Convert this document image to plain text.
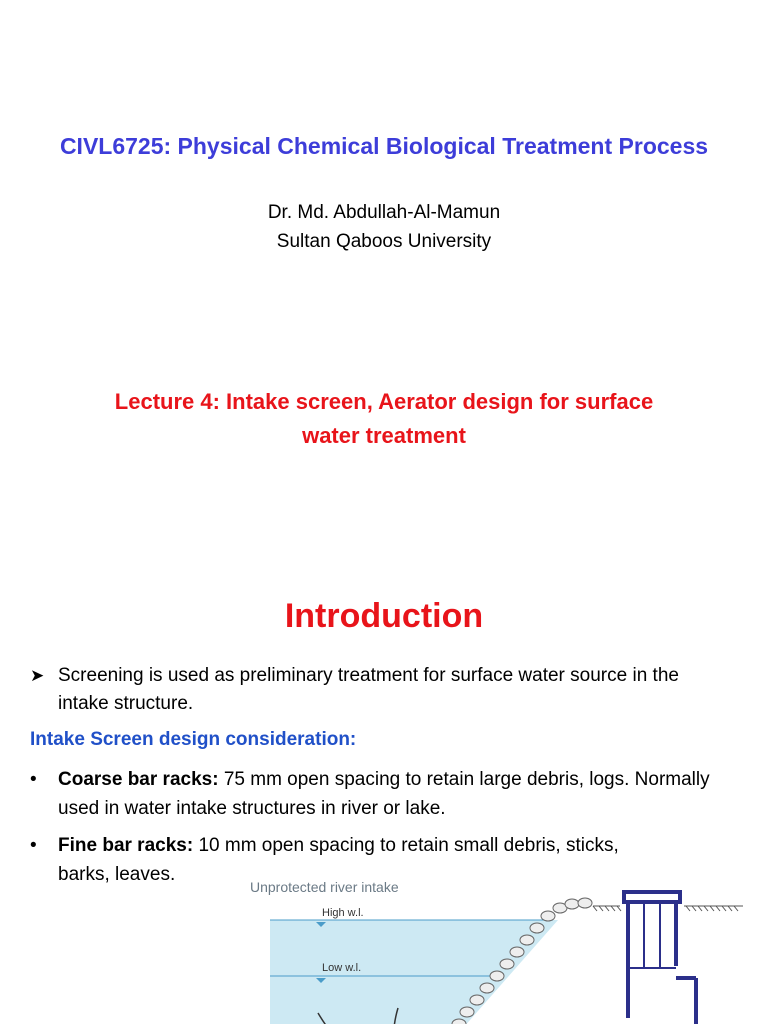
CIVL6725: Physical Chemical Biological Treatment Process
Dr. Md. Abdullah-Al-Mamun
Sultan Qaboos University
Lecture 4: Intake screen, Aerator design for surface
water treatment
Introduction
➤ Screening is used as preliminary treatment for surface water source in the intake structure.
Intake Screen design consideration:
•	Coarse bar racks: 75 mm open spacing to retain large debris, logs. Normally used in water intake structures in river or lake.
•	Fine bar racks: 10 mm open spacing to retain small debris, sticks,
barks, leaves.
Unprotected river intake
High w.l.
Low w.l.
